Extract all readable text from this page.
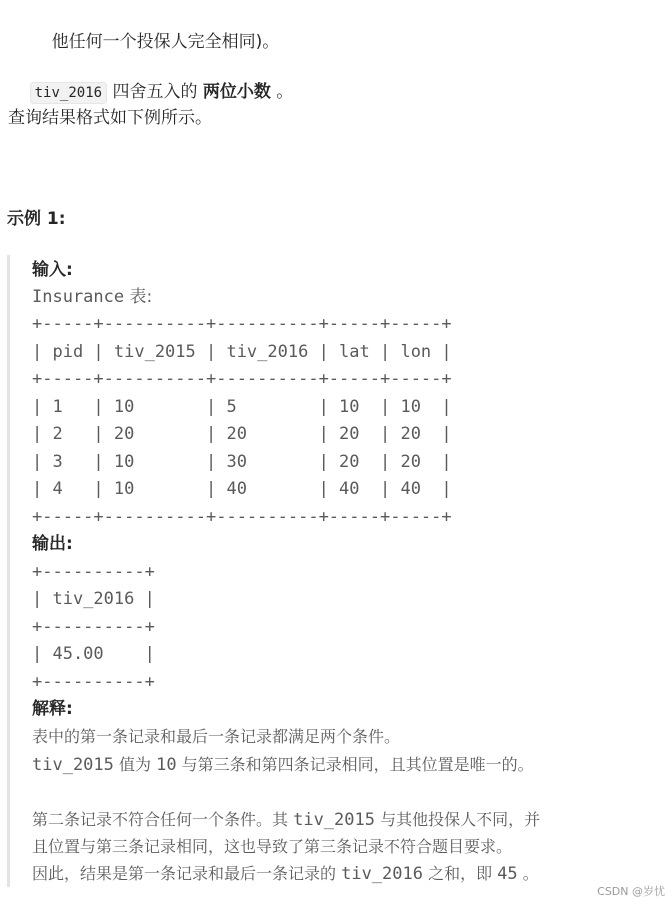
他任何一个投保人完全相同)。

tiv_2016 四舍五入的 两位小数 。

查询结果格式如下例所示。
示例 1:
输入:
Insurance 表:
+-----+----------+----------+-----+-----+
| pid | tiv_2015 | tiv_2016 | lat | lon |
+-----+----------+----------+-----+-----+
| 1   | 10       | 5        | 10  | 10  |
| 2   | 20       | 20       | 20  | 20  |
| 3   | 10       | 30       | 20  | 20  |
| 4   | 10       | 40       | 40  | 40  |
+-----+----------+----------+-----+-----+
输出:
+----------+
| tiv_2016 |
+----------+
| 45.00    |
+----------+
解释:
表中的第一条记录和最后一条记录都满足两个条件。
tiv_2015 值为 10 与第三条和第四条记录相同，且其位置是唯一的。
第二条记录不符合任何一个条件。其 tiv_2015 与其他投保人不同，并
且位置与第三条记录相同，这也导致了第三条记录不符合题目要求。
因此，结果是第一条记录和最后一条记录的 tiv_2016 之和，即 45 。
CSDN @岁忧
